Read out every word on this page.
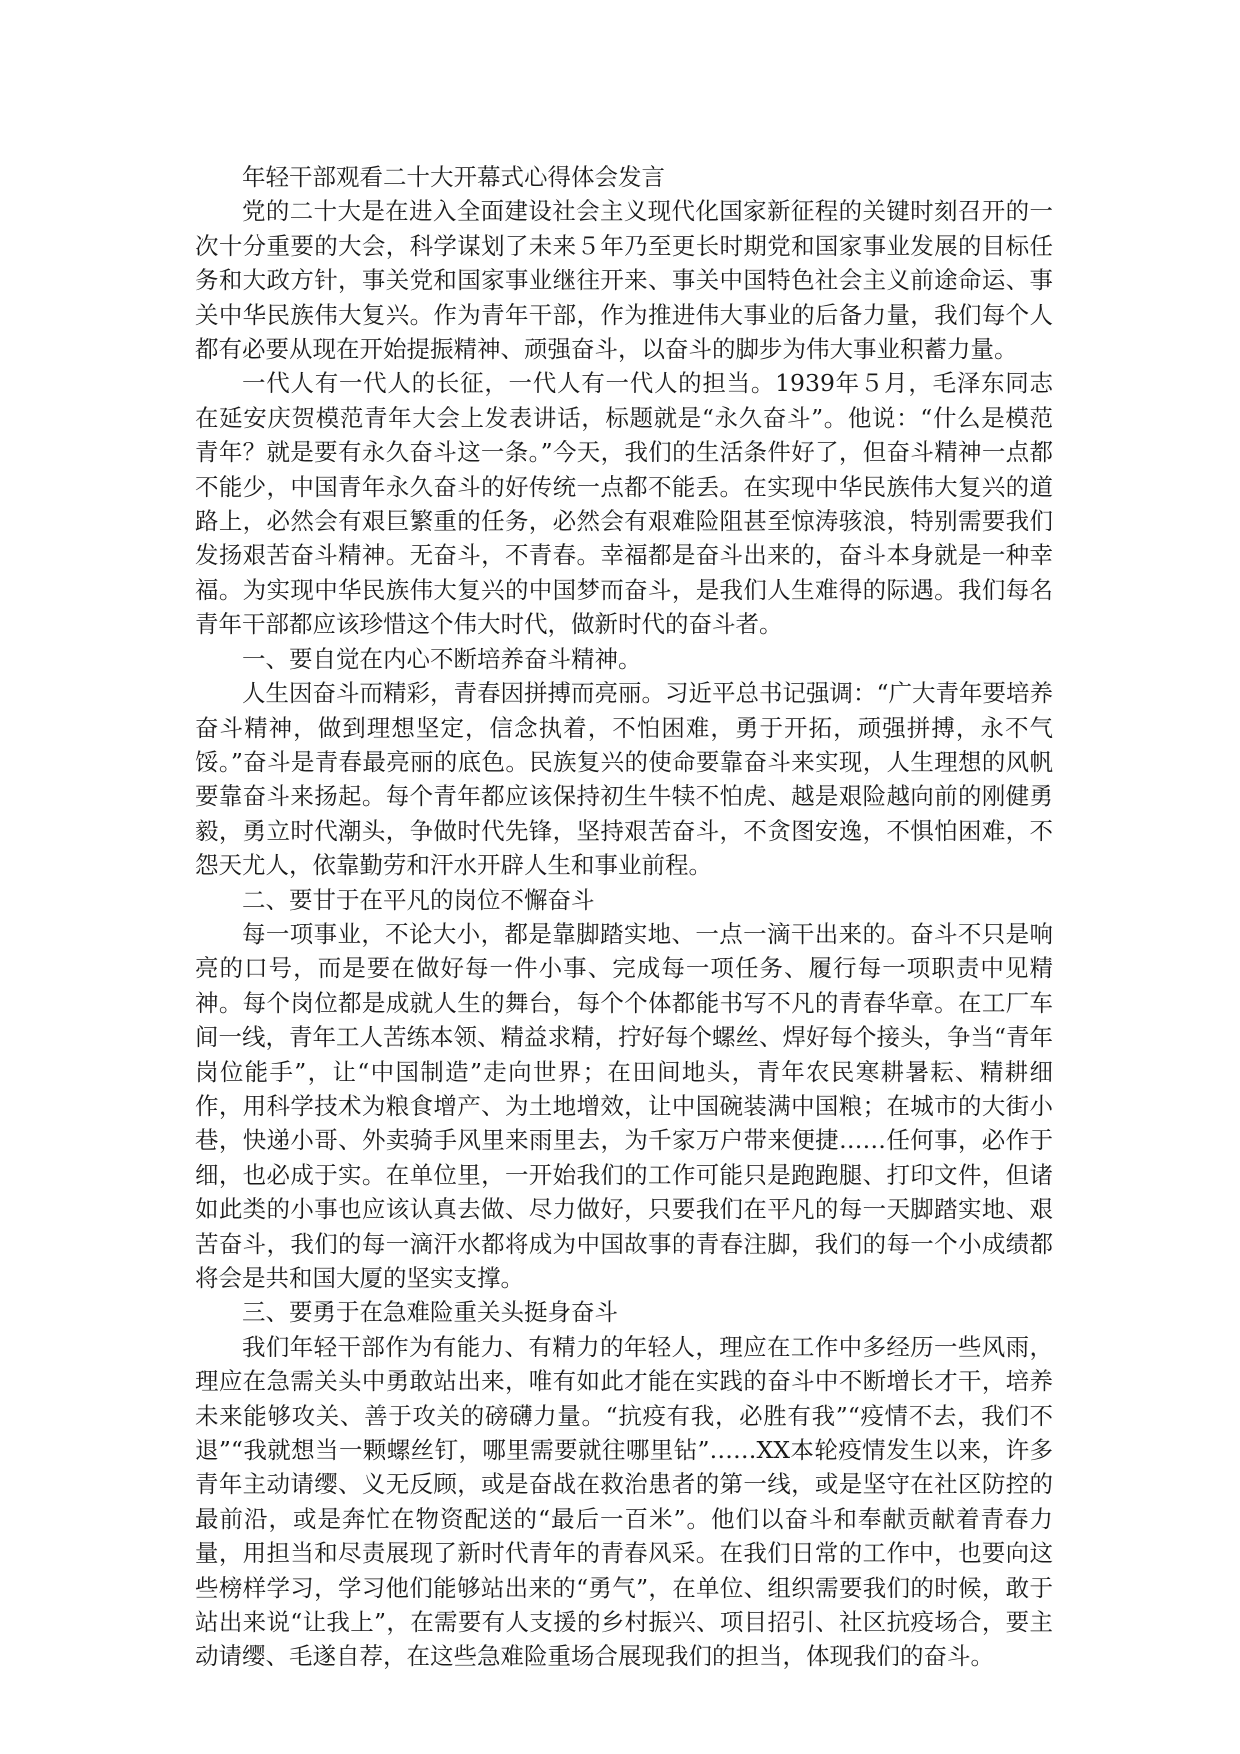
年轻干部观看二十大开幕式心得体会发言

党的二十大是在进入全面建设社会主义现代化国家新征程的关键时刻召开的一次十分重要的大会，科学谋划了未来５年乃至更长时期党和国家事业发展的目标任务和大政方针，事关党和国家事业继往开来、事关中国特色社会主义前途命运、事关中华民族伟大复兴。作为青年干部，作为推进伟大事业的后备力量，我们每个人都有必要从现在开始提振精神、顽强奋斗，以奋斗的脚步为伟大事业积蓄力量。

一代人有一代人的长征，一代人有一代人的担当。1939年５月，毛泽东同志在延安庆贺模范青年大会上发表讲话，标题就是“永久奋斗”。他说：“什么是模范青年？就是要有永久奋斗这一条。”今天，我们的生活条件好了，但奋斗精神一点都不能少，中国青年永久奋斗的好传统一点都不能丢。在实现中华民族伟大复兴的道路上，必然会有艰巨繁重的任务，必然会有艰难险阻甚至惊涛骇浪，特别需要我们发扬艰苦奋斗精神。无奋斗，不青春。幸福都是奋斗出来的，奋斗本身就是一种幸福。为实现中华民族伟大复兴的中国梦而奋斗，是我们人生难得的际遇。我们每名青年干部都应该珍惜这个伟大时代，做新时代的奋斗者。

一、要自觉在内心不断培养奋斗精神。

人生因奋斗而精彩，青春因拼搏而亮丽。习近平总书记强调：“广大青年要培养奋斗精神，做到理想坚定，信念执着，不怕困难，勇于开拓，顽强拼搏，永不气馁。”奋斗是青春最亮丽的底色。民族复兴的使命要靠奋斗来实现，人生理想的风帆要靠奋斗来扬起。每个青年都应该保持初生牛犊不怕虎、越是艰险越向前的刚健勇毅，勇立时代潮头，争做时代先锋，坚持艰苦奋斗，不贪图安逸，不惧怕困难，不怨天尤人，依靠勤劳和汗水开辟人生和事业前程。

二、要甘于在平凡的岗位不懈奋斗

每一项事业，不论大小，都是靠脚踏实地、一点一滴干出来的。奋斗不只是响亮的口号，而是要在做好每一件小事、完成每一项任务、履行每一项职责中见精神。每个岗位都是成就人生的舞台，每个个体都能书写不凡的青春华章。在工厂车间一线，青年工人苦练本领、精益求精，拧好每个螺丝、焊好每个接头，争当“青年岗位能手”，让“中国制造”走向世界；在田间地头，青年农民寒耕暑耘、精耕细作，用科学技术为粮食增产、为土地增效，让中国碗装满中国粮；在城市的大街小巷，快递小哥、外卖骑手风里来雨里去，为千家万户带来便捷……任何事，必作于细，也必成于实。在单位里，一开始我们的工作可能只是跑跑腿、打印文件，但诸如此类的小事也应该认真去做、尽力做好，只要我们在平凡的每一天脚踏实地、艰苦奋斗，我们的每一滴汗水都将成为中国故事的青春注脚，我们的每一个小成绩都将会是共和国大厦的坚实支撑。

三、要勇于在急难险重关头挺身奋斗

我们年轻干部作为有能力、有精力的年轻人，理应在工作中多经历一些风雨，理应在急需关头中勇敢站出来，唯有如此才能在实践的奋斗中不断增长才干，培养未来能够攻关、善于攻关的磅礴力量。“抗疫有我，必胜有我”“疫情不去，我们不退”“我就想当一颗螺丝钉，哪里需要就往哪里钻”……XX本轮疫情发生以来，许多青年主动请缨、义无反顾，或是奋战在救治患者的第一线，或是坚守在社区防控的最前沿，或是奔忙在物资配送的“最后一百米”。他们以奋斗和奉献贡献着青春力量，用担当和尽责展现了新时代青年的青春风采。在我们日常的工作中，也要向这些榜样学习，学习他们能够站出来的“勇气”，在单位、组织需要我们的时候，敢于站出来说“让我上”，在需要有人支援的乡村振兴、项目招引、社区抗疫场合，要主动请缨、毛遂自荐，在这些急难险重场合展现我们的担当，体现我们的奋斗。
